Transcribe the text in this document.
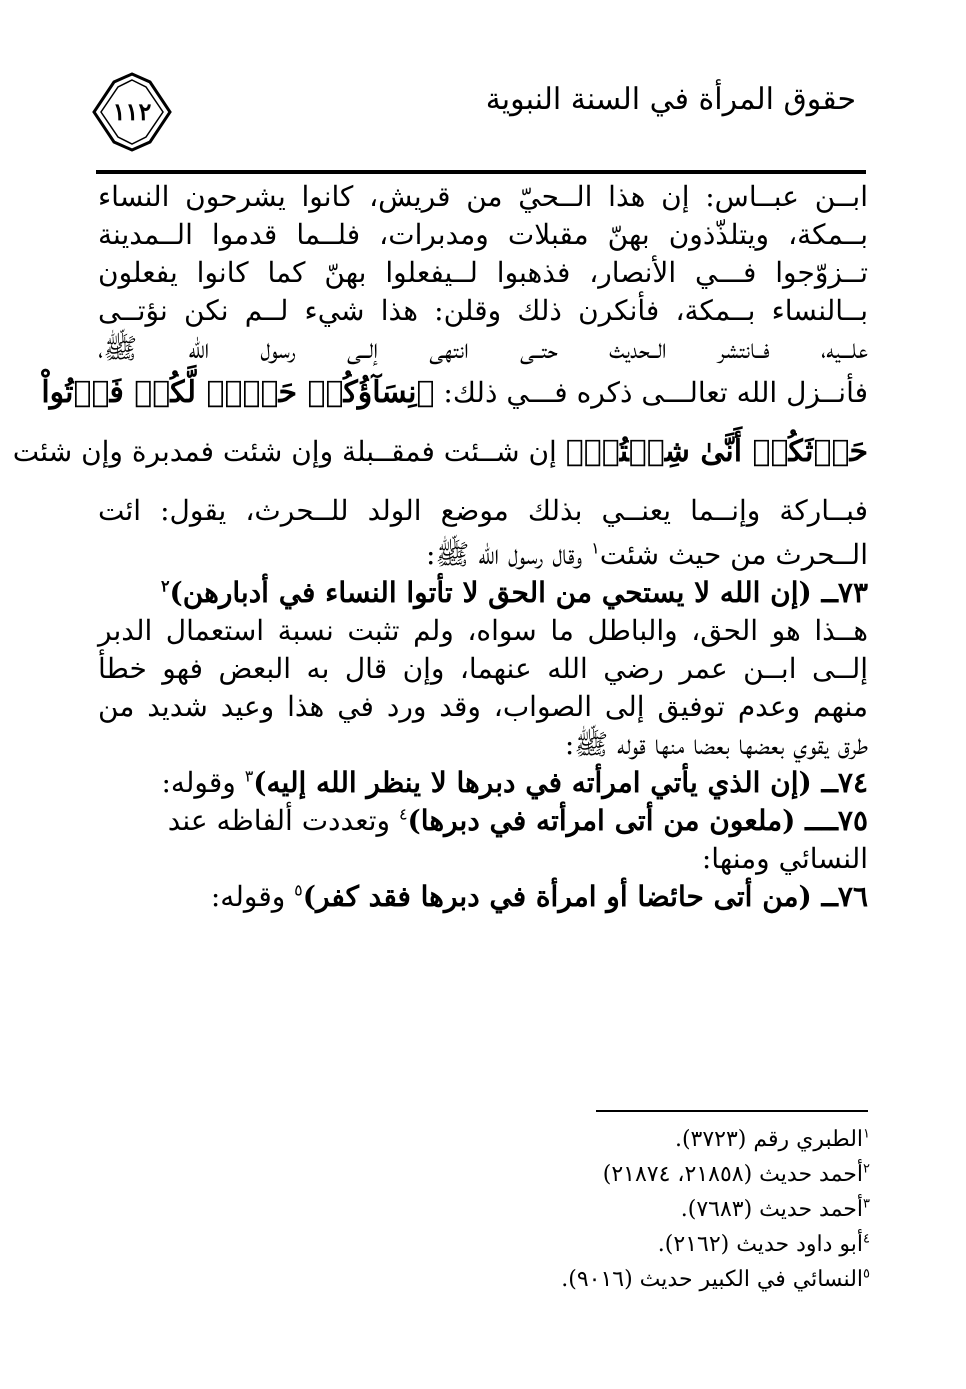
حقوق المرأة في السنة النبوية
١١٢
ابــن عبــاس: إن هذا الــحيّ من قريش، كانوا يشرحون النساء
بــمكة، ويتلذّذون بهنّ مقبلات ومدبرات، فلــما قدموا الــمدينة
تــزوّجوا فـــي الأنصار، فذهبوا لــيفعلوا بهنّ كما كانوا يفعلون
بــالنساء بــمكة، فأنكرن ذلك وقلن: هذا شيء لــم نكن نؤتــى
علـــيه، فــانتشر الــحديث حتــى انتهى إلــى رسول الله ﷺ،
فأنــزل الله تعالـــى ذكره فـــي ذلك: ﴿نِسَآؤُكُمۡ حَرۡثٞ لَّكُمۡ فَأۡتُواْ
حَرۡثَكُمۡ أَنَّىٰ شِئۡتُمۡ﴾ إن شــئت فمقــبلة وإن شئت فمدبرة وإن شئت
فبــاركة وإنــما يعنــي بذلك موضع الولد للــحرث، يقول: ائت
الــحرث من حيث شئت$^١$ وقال رسول الله ﷺ:
٧٣ــ (إن الله لا يستحي من الحق لا تأتوا النساء في أدبارهن)$^٢$
هــذا هو الحق، والباطل ما سواه، ولم تثبت نسبة استعمال الدبر
إلــى ابــن عمر رضي الله عنهما، وإن قال به البعض فهو خطأ
منهم وعدم توفيق إلى الصواب، وقد ورد في هذا وعيد شديد من
طرق يقوي بعضها بعضا منها قوله ﷺ:
٧٤ــ (إن الذي يأتي امرأته في دبرها لا ينظر الله إليه)$^٣$ وقوله:
٧٥ــــ (ملعون من أتى امرأته في دبرها)$^٤$ وتعددت ألفاظه عند
النسائي ومنها:
٧٦ــ (من أتى حائضا أو امرأة في دبرها فقد كفر)$^٥$ وقوله:
$^١$الطبري رقم (٣٧٢٣).
$^٢$أحمد حديث (٢١٨٥٨، ٢١٨٧٤)
$^٣$أحمد حديث (٧٦٨٣).
$^٤$أبو داود حديث (٢١٦٢).
$^٥$النسائي في الكبير حديث (٩٠١٦).
